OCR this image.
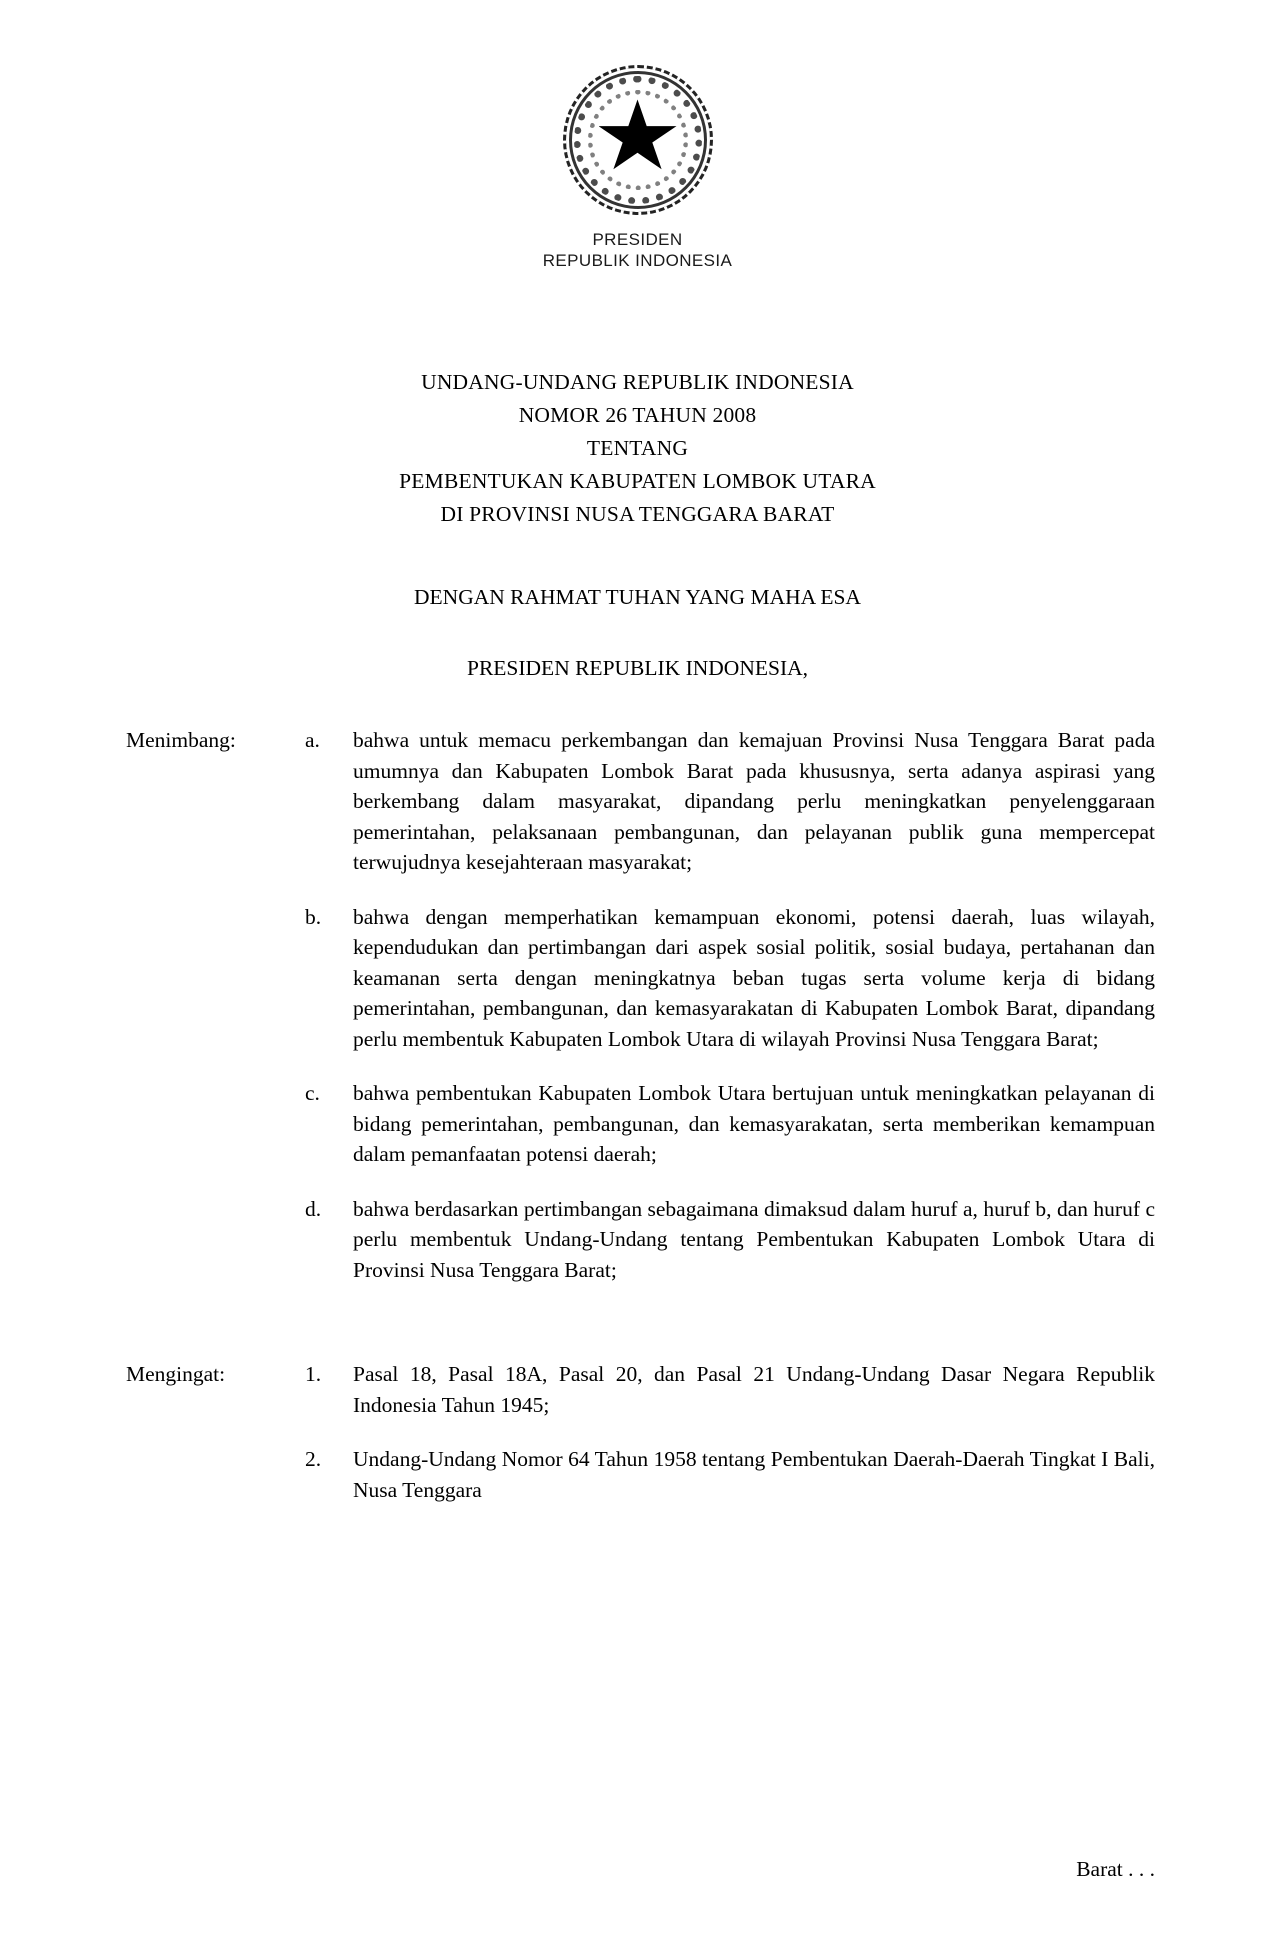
PRESIDEN
REPUBLIK INDONESIA
UNDANG-UNDANG REPUBLIK INDONESIA
NOMOR 26 TAHUN 2008
TENTANG
PEMBENTUKAN KABUPATEN LOMBOK UTARA
DI PROVINSI NUSA TENGGARA BARAT
DENGAN RAHMAT TUHAN YANG MAHA ESA
PRESIDEN REPUBLIK INDONESIA,
Menimbang:	a.	bahwa untuk memacu perkembangan dan kemajuan Provinsi Nusa Tenggara Barat pada umumnya dan Kabupaten Lombok Barat pada khususnya, serta adanya aspirasi yang berkembang dalam masyarakat, dipandang perlu meningkatkan penyelenggaraan pemerintahan, pelaksanaan pembangunan, dan pelayanan publik guna mempercepat terwujudnya kesejahteraan masyarakat;
b.	bahwa dengan memperhatikan kemampuan ekonomi, potensi daerah, luas wilayah, kependudukan dan pertimbangan dari aspek sosial politik, sosial budaya, pertahanan dan keamanan serta dengan meningkatnya beban tugas serta volume kerja di bidang pemerintahan, pembangunan, dan kemasyarakatan di Kabupaten Lombok Barat, dipandang perlu membentuk Kabupaten Lombok Utara di wilayah Provinsi Nusa Tenggara Barat;
c.	bahwa pembentukan Kabupaten Lombok Utara bertujuan untuk meningkatkan pelayanan di bidang pemerintahan, pembangunan, dan kemasyarakatan, serta memberikan kemampuan dalam pemanfaatan potensi daerah;
d.	bahwa berdasarkan pertimbangan sebagaimana dimaksud dalam huruf a, huruf b, dan huruf c perlu membentuk Undang-Undang tentang Pembentukan Kabupaten Lombok Utara di Provinsi Nusa Tenggara Barat;
Mengingat:	1.	Pasal 18, Pasal 18A, Pasal 20, dan Pasal 21 Undang-Undang Dasar Negara Republik Indonesia Tahun 1945;
2.	Undang-Undang Nomor 64 Tahun 1958 tentang Pembentukan Daerah-Daerah Tingkat I Bali, Nusa Tenggara
Barat . . .
